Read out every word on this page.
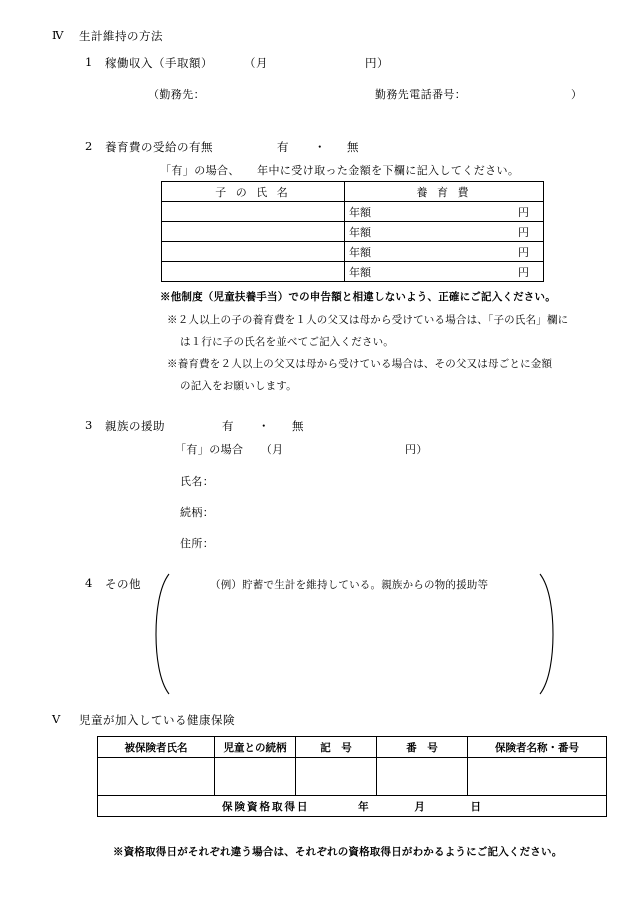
Ⅳ 生計維持の方法
1 稼働収入（手取額）	（月	円）
（勤務先：	勤務先電話番号：	）
2 養育費の受給の有無	有 ・ 無
「有」の場合、　　年中に受け取った金額を下欄に記入してください。
子 の 氏 名	養 育 費
	年額 円

	年額 円

	年額 円

	年額 円
※他制度（児童扶養手当）での申告額と相違しないよう、正確にご記入ください。
※２人以上の子の養育費を１人の父又は母から受けている場合は、「子の氏名」欄に
は１行に子の氏名を並べてご記入ください。
※養育費を２人以上の父又は母から受けている場合は、その父又は母ごとに金額
の記入をお願いします。
3 親族の援助	有 ・ 無
「有」の場合　　（月	円）
氏名：
続柄：
住所：
4 その他	（例）貯蓄で生計を維持している。親族からの物的援助等
Ⅴ 児童が加入している健康保険
被保険者氏名	児童との続柄	記　号	番　号	保険者名称・番号

保険資格取得日 年 月 日				
※資格取得日がそれぞれ違う場合は、それぞれの資格取得日がわかるようにご記入ください。
